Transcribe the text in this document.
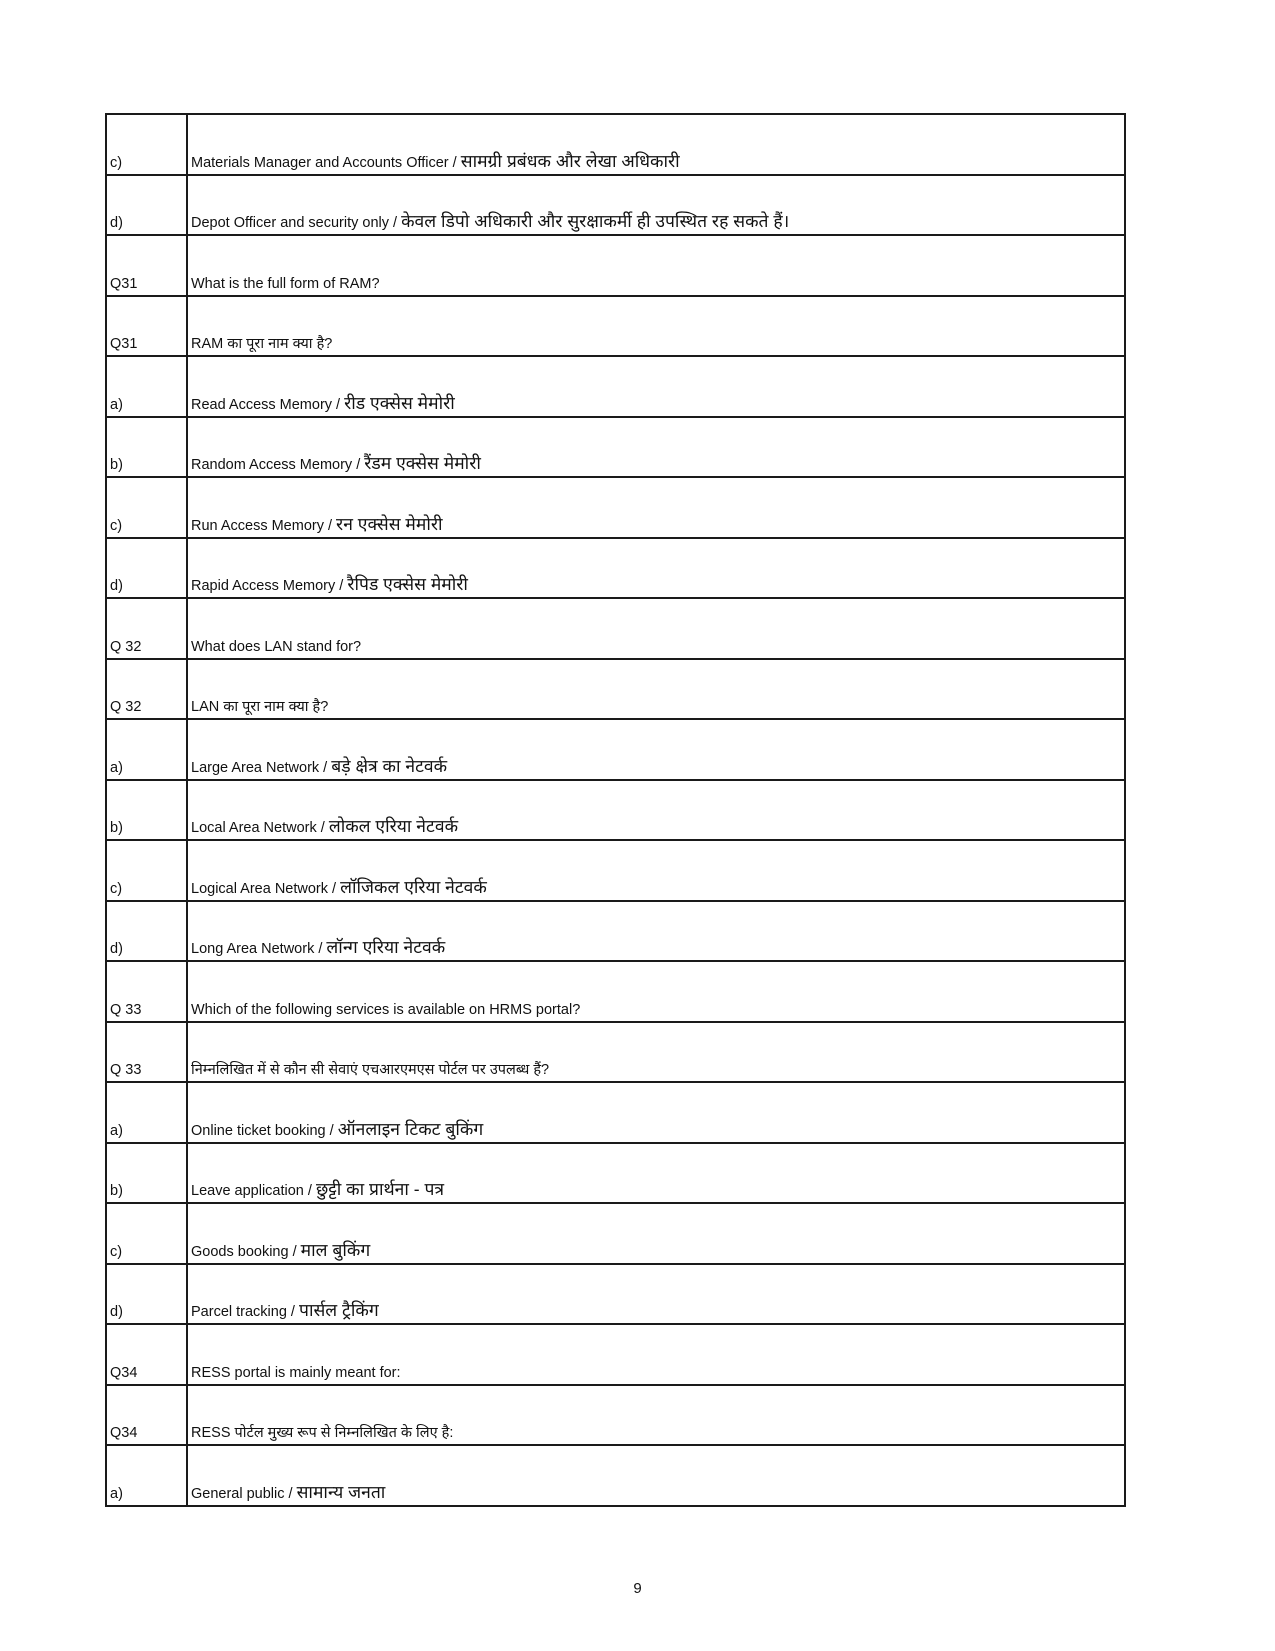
c)	Materials Manager and Accounts Officer / सामग्री प्रबंधक और लेखा अधिकारी
d)	Depot Officer and security only / केवल डिपो अधिकारी और सुरक्षाकर्मी ही उपस्थित रह सकते हैं।
Q31	What is the full form of RAM?
Q31	RAM का पूरा नाम क्या है?
a)	Read Access Memory / रीड एक्सेस मेमोरी
b)	Random Access Memory / रैंडम एक्सेस मेमोरी
c)	Run Access Memory / रन एक्सेस मेमोरी
d)	Rapid Access Memory / रैपिड एक्सेस मेमोरी
Q 32	What does LAN stand for?
Q 32	LAN का पूरा नाम क्या है?
a)	Large Area Network / बड़े क्षेत्र का नेटवर्क
b)	Local Area Network / लोकल एरिया नेटवर्क
c)	Logical Area Network / लॉजिकल एरिया नेटवर्क
d)	Long Area Network / लॉन्ग एरिया नेटवर्क
Q 33	Which of the following services is available on HRMS portal?
Q 33	निम्नलिखित में से कौन सी सेवाएं एचआरएमएस पोर्टल पर उपलब्ध हैं?
a)	Online ticket booking / ऑनलाइन टिकट बुकिंग
b)	Leave application / छुट्टी का प्रार्थना - पत्र
c)	Goods booking / माल बुकिंग
d)	Parcel tracking / पार्सल ट्रैकिंग
Q34	RESS portal is mainly meant for:
Q34	RESS पोर्टल मुख्य रूप से निम्नलिखित के लिए है:
a)	General public / सामान्य जनता
9
